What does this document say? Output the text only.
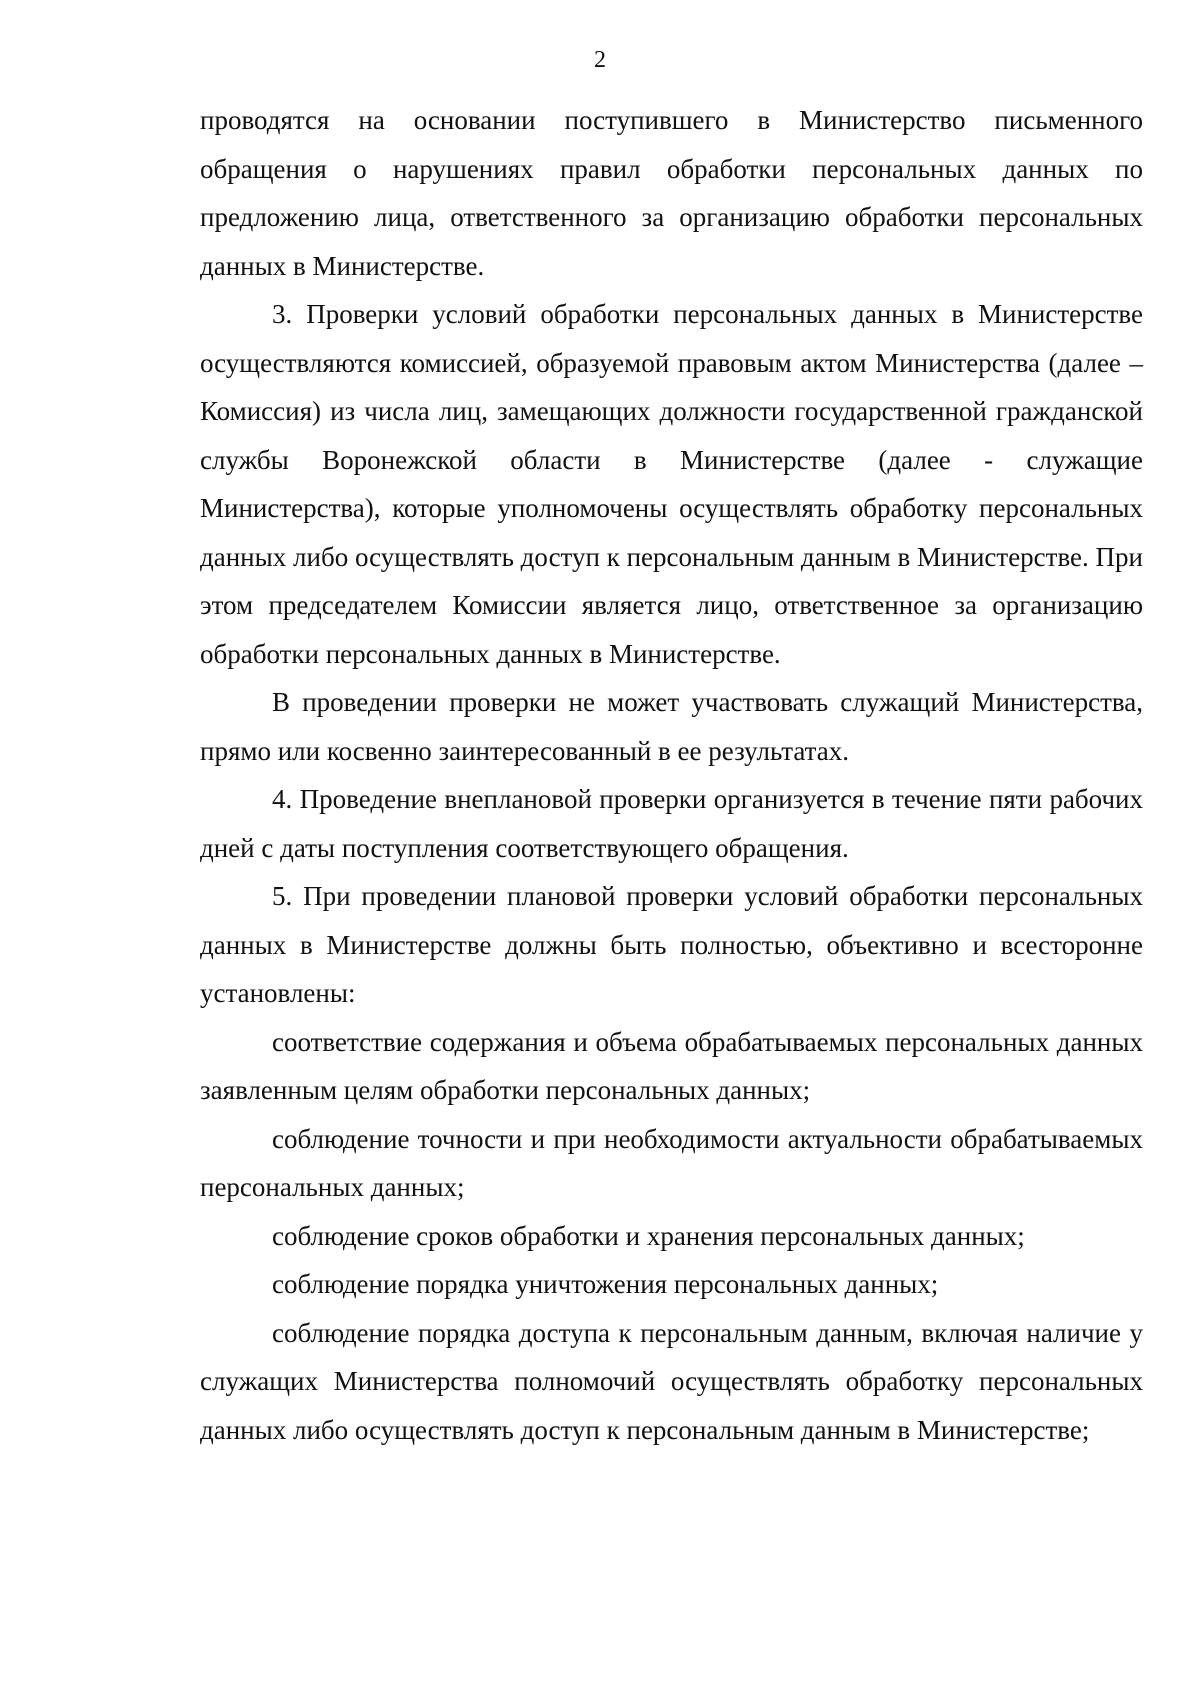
2

проводятся на основании поступившего в Министерство письменного обращения о нарушениях правил обработки персональных данных по предложению лица, ответственного за организацию обработки персональных данных в Министерстве.

3. Проверки условий обработки персональных данных в Министерстве осуществляются комиссией, образуемой правовым актом Министерства (далее – Комиссия) из числа лиц, замещающих должности государственной гражданской службы Воронежской области в Министерстве (далее - служащие Министерства), которые уполномочены осуществлять обработку персональных данных либо осуществлять доступ к персональным данным в Министерстве. При этом председателем Комиссии является лицо, ответственное за организацию обработки персональных данных в Министерстве.

В проведении проверки не может участвовать служащий Министерства, прямо или косвенно заинтересованный в ее результатах.

4. Проведение внеплановой проверки организуется в течение пяти рабочих дней с даты поступления соответствующего обращения.

5. При проведении плановой проверки условий обработки персональных данных в Министерстве должны быть полностью, объективно и всесторонне установлены:

соответствие содержания и объема обрабатываемых персональных данных заявленным целям обработки персональных данных;

соблюдение точности и при необходимости актуальности обрабатываемых персональных данных;

соблюдение сроков обработки и хранения персональных данных;

соблюдение порядка уничтожения персональных данных;

соблюдение порядка доступа к персональным данным, включая наличие у служащих Министерства полномочий осуществлять обработку персональных данных либо осуществлять доступ к персональным данным в Министерстве;
